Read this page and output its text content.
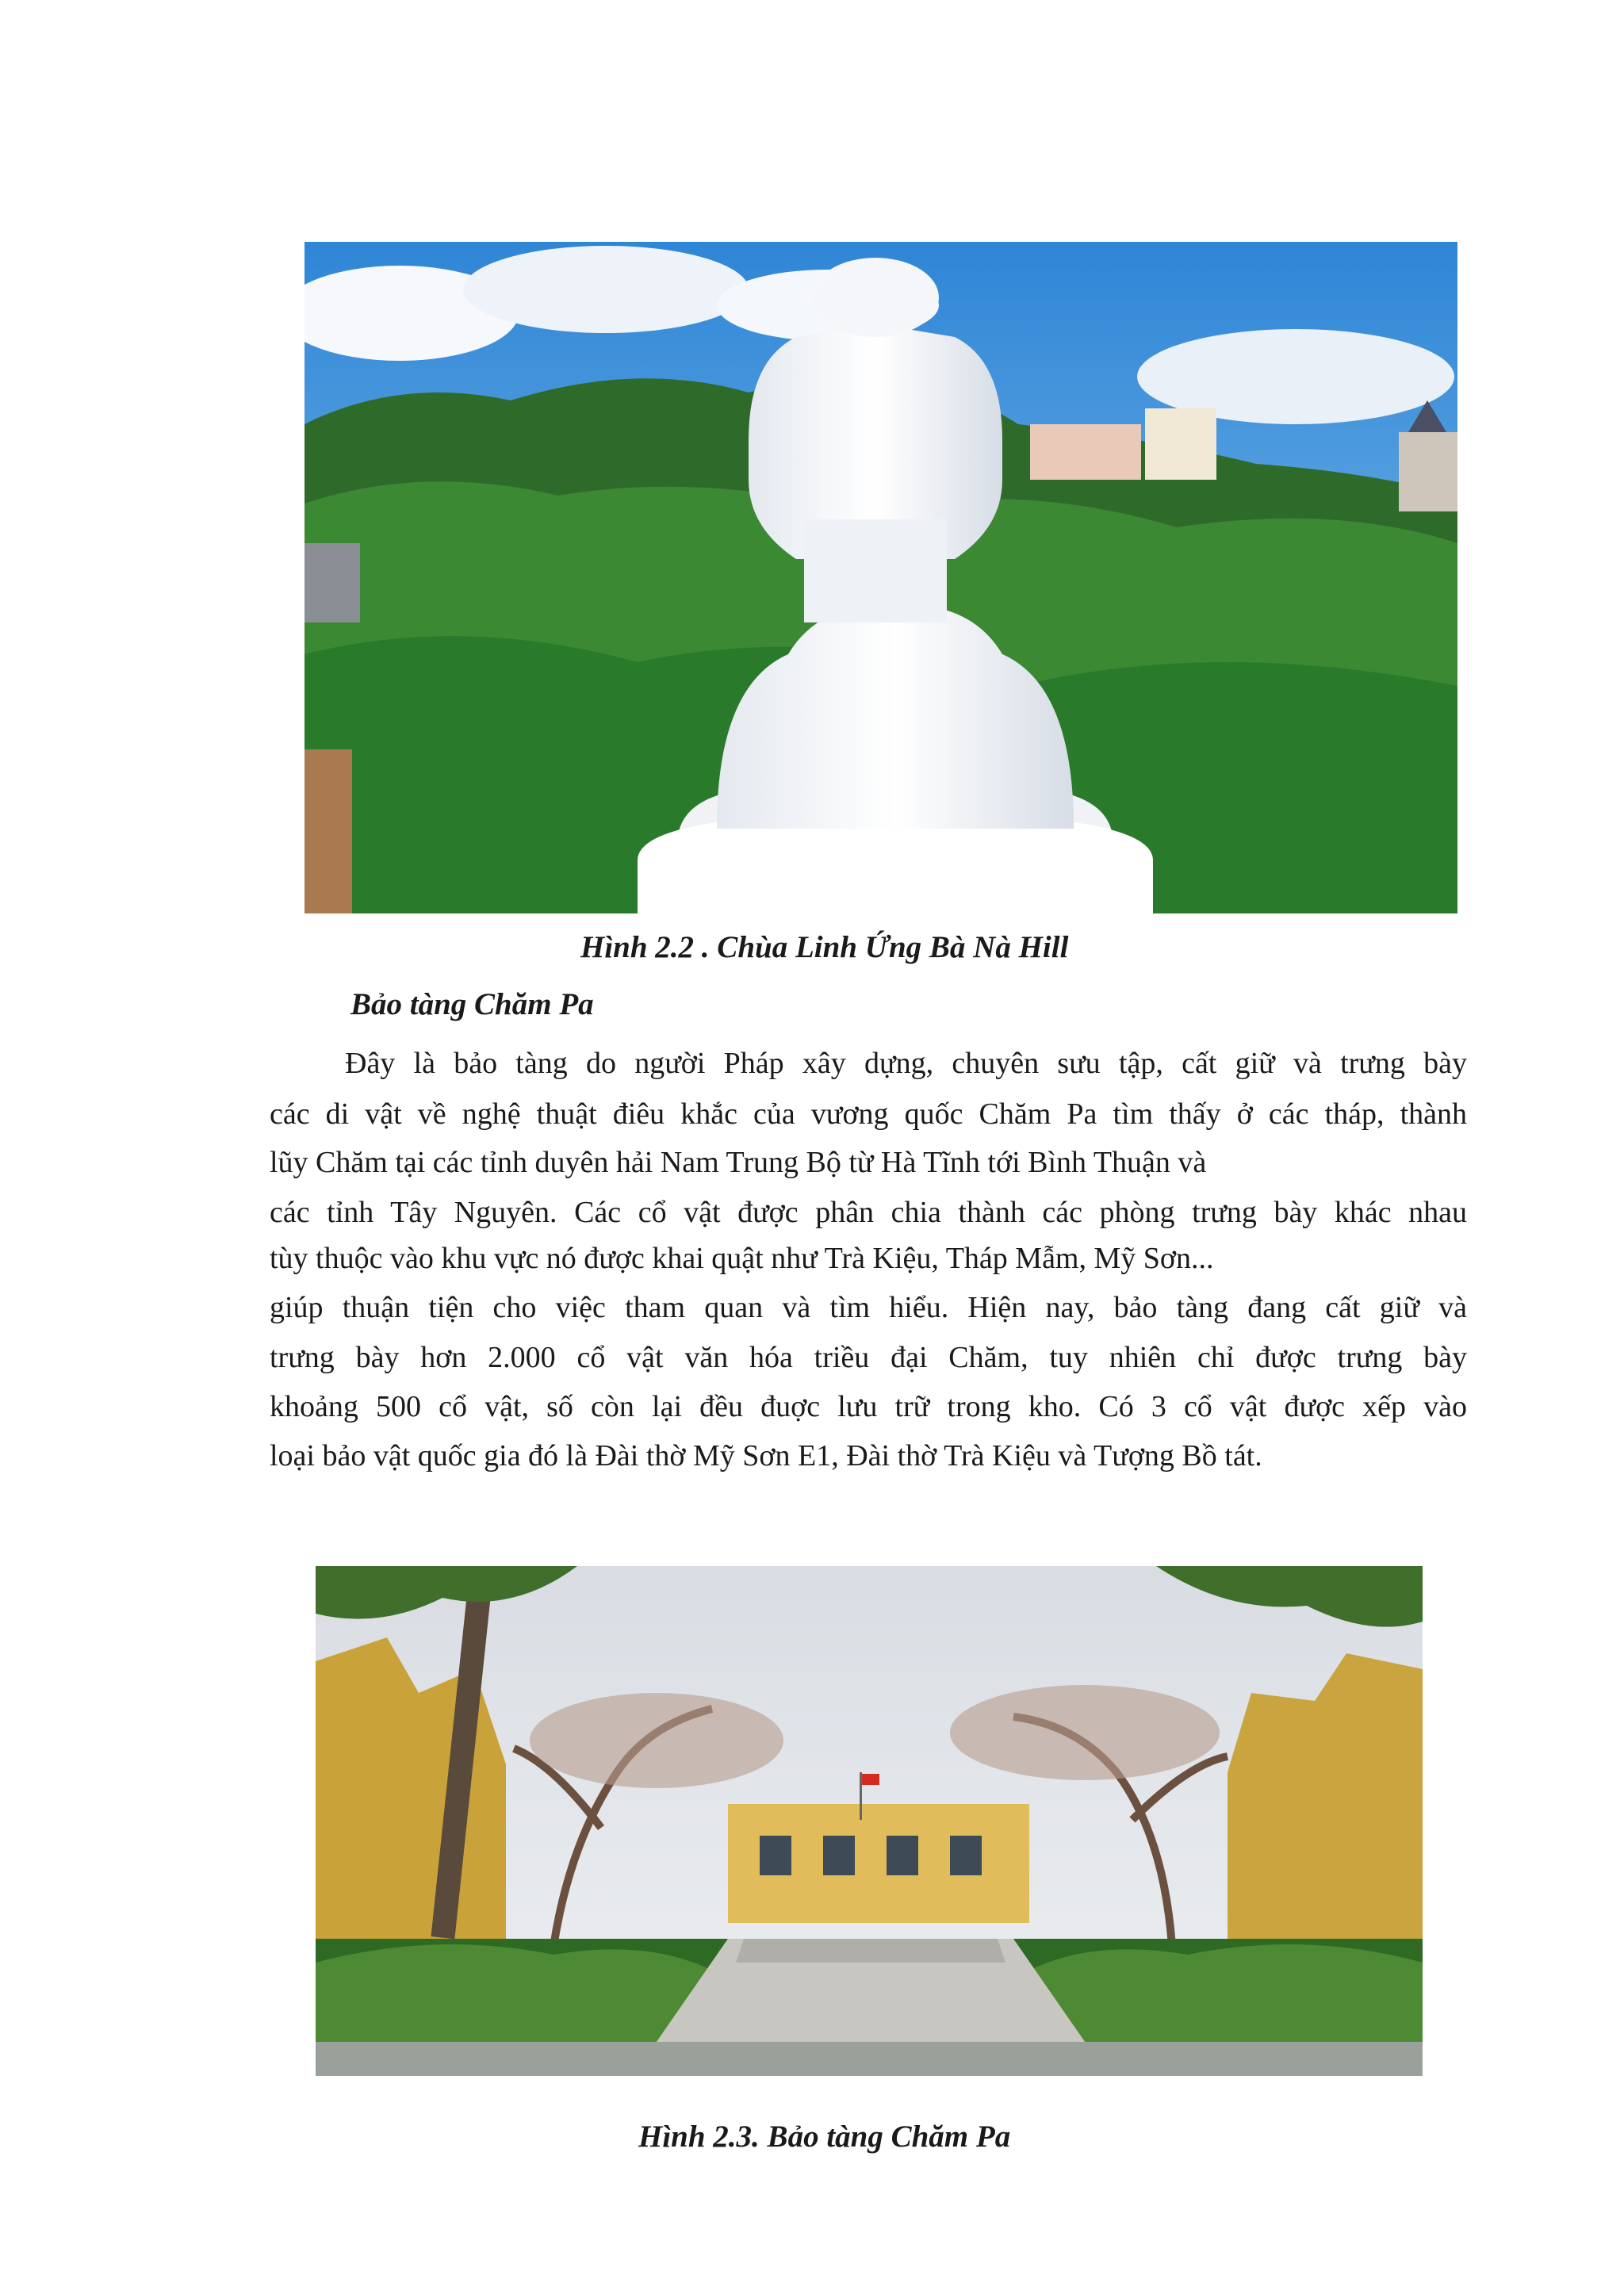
Hình 2.2 . Chùa Linh Ứng Bà Nà Hill
Bảo tàng Chăm Pa
Đây là bảo tàng do người Pháp xây dựng, chuyên sưu tập, cất giữ và trưng bày
các di vật về nghệ thuật điêu khắc của vương quốc Chăm Pa tìm thấy ở các tháp, thành
lũy Chăm tại các tỉnh duyên hải Nam Trung Bộ từ Hà Tĩnh tới Bình Thuận và
các tỉnh Tây Nguyên. Các cổ vật được phân chia thành các phòng trưng bày khác nhau
tùy thuộc vào khu vực nó được khai quật như Trà Kiệu, Tháp Mẫm, Mỹ Sơn...
giúp thuận tiện cho việc tham quan và tìm hiểu. Hiện nay, bảo tàng đang cất giữ và
trưng bày hơn 2.000 cổ vật văn hóa triều đại Chăm, tuy nhiên chỉ được trưng bày
khoảng 500 cổ vật, số còn lại đều đuợc lưu trữ trong kho. Có 3 cổ vật được xếp vào
loại bảo vật quốc gia đó là Đài thờ Mỹ Sơn E1, Đài thờ Trà Kiệu và Tượng Bồ tát.
Hình 2.3. Bảo tàng Chăm Pa
